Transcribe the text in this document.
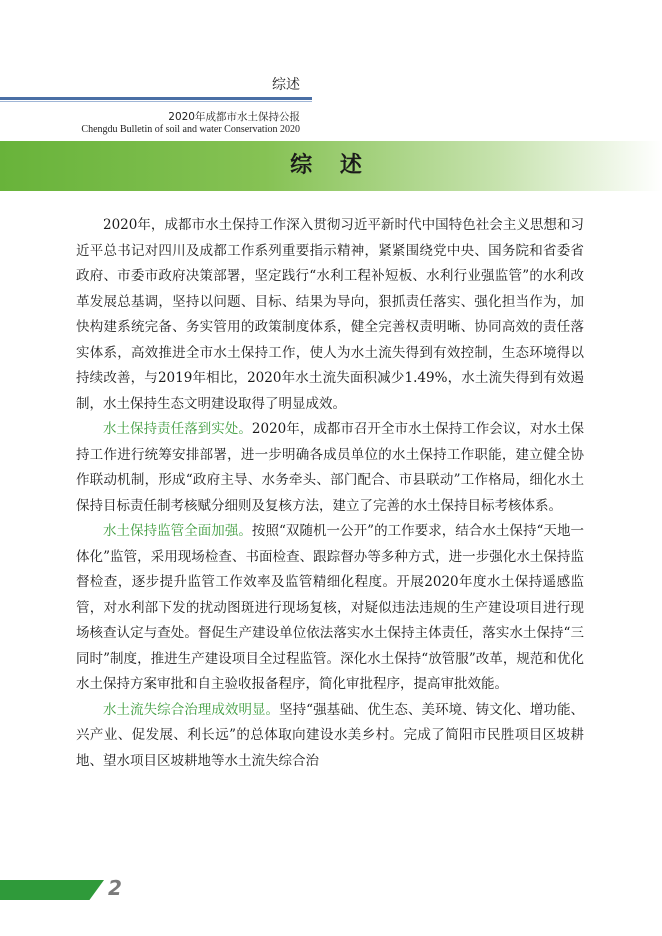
综述
2020年成都市水土保持公报
Chengdu Bulletin of soil and water Conservation 2020
综 述

2020年，成都市水土保持工作深入贯彻习近平新时代中国特色社会主义思想和习近平总书记对四川及成都工作系列重要指示精神，紧紧围绕党中央、国务院和省委省政府、市委市政府决策部署，坚定践行“水利工程补短板、水利行业强监管”的水利改革发展总基调，坚持以问题、目标、结果为导向，狠抓责任落实、强化担当作为，加快构建系统完备、务实管用的政策制度体系，健全完善权责明晰、协同高效的责任落实体系，高效推进全市水土保持工作，使人为水土流失得到有效控制，生态环境得以持续改善，与2019年相比，2020年水土流失面积减少1.49%，水土流失得到有效遏制，水土保持生态文明建设取得了明显成效。

水土保持责任落到实处。2020年，成都市召开全市水土保持工作会议，对水土保持工作进行统筹安排部署，进一步明确各成员单位的水土保持工作职能，建立健全协作联动机制，形成“政府主导、水务牵头、部门配合、市县联动”工作格局，细化水土保持目标责任制考核赋分细则及复核方法，建立了完善的水土保持目标考核体系。

水土保持监管全面加强。按照“双随机一公开”的工作要求，结合水土保持“天地一体化”监管，采用现场检查、书面检查、跟踪督办等多种方式，进一步强化水土保持监督检查，逐步提升监管工作效率及监管精细化程度。开展2020年度水土保持遥感监管，对水利部下发的扰动图斑进行现场复核，对疑似违法违规的生产建设项目进行现场核查认定与查处。督促生产建设单位依法落实水土保持主体责任，落实水土保持“三同时”制度，推进生产建设项目全过程监管。深化水土保持“放管服”改革，规范和优化水土保持方案审批和自主验收报备程序，简化审批程序，提高审批效能。

水土流失综合治理成效明显。坚持“强基础、优生态、美环境、铸文化、增功能、兴产业、促发展、利长远”的总体取向建设水美乡村。完成了简阳市民胜项目区坡耕地、望水项目区坡耕地等水土流失综合治

2
